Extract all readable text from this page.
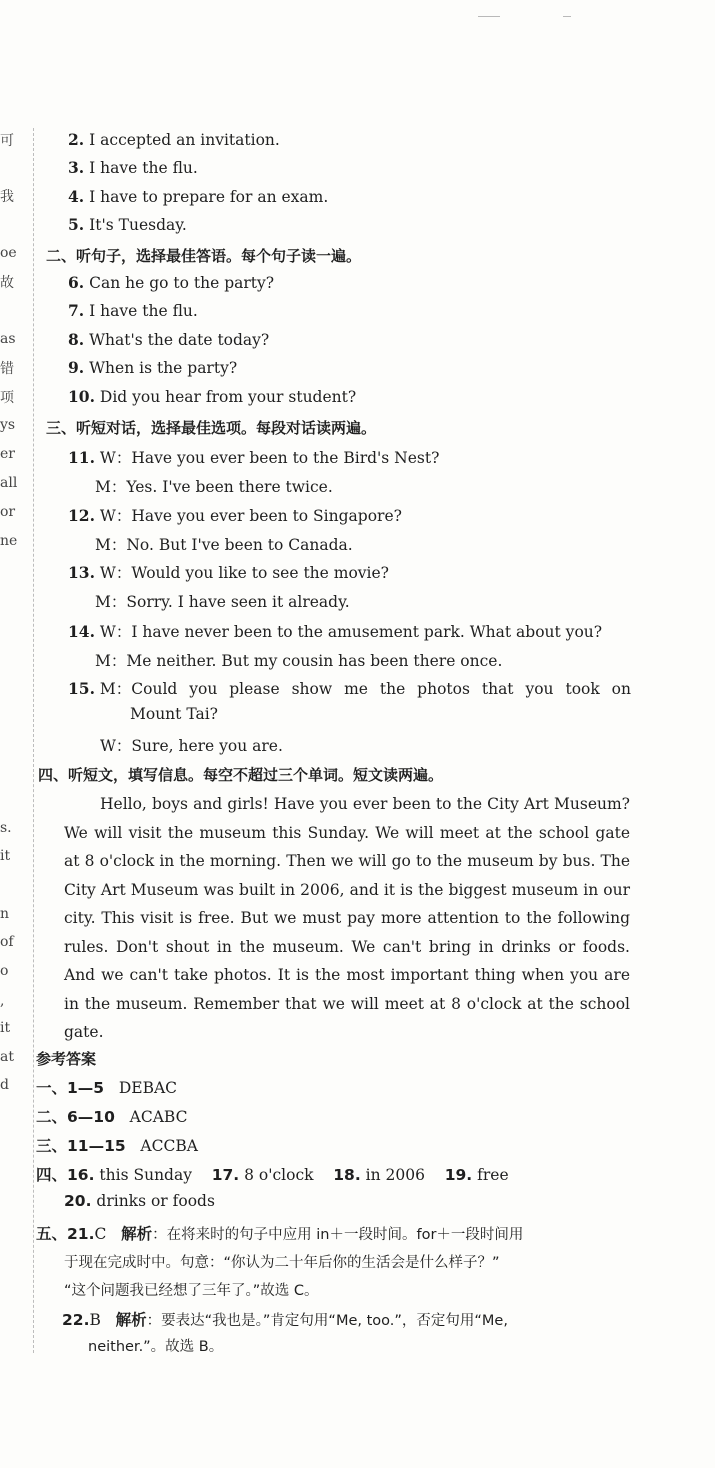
可
我
oe
故
as
错
项
ys
er
all
or
ne
s.
it
n
of
o
,
it
at
d
2. I accepted an invitation.
3. I have the flu.
4. I have to prepare for an exam.
5. It's Tuesday.
二、听句子，选择最佳答语。每个句子读一遍。
6. Can he go to the party?
7. I have the flu.
8. What's the date today?
9. When is the party?
10. Did you hear from your student?
三、听短对话，选择最佳选项。每段对话读两遍。
11. W：Have you ever been to the Bird's Nest?
M：Yes. I've been there twice.
12. W：Have you ever been to Singapore?
M：No. But I've been to Canada.
13. W：Would you like to see the movie?
M：Sorry. I have seen it already.
14. W：I have never been to the amusement park. What about you?
M：Me neither. But my cousin has been there once.
15. M：Could you please show me the photos that you took on
Mount Tai?
W：Sure, here you are.
四、听短文，填写信息。每空不超过三个单词。短文读两遍。
Hello, boys and girls! Have you ever been to the City Art Museum? We will visit the museum this Sunday. We will meet at the school gate at 8 o'clock in the morning. Then we will go to the museum by bus. The City Art Museum was built in 2006, and it is the biggest museum in our city. This visit is free. But we must pay more attention to the following rules. Don't shout in the museum. We can't bring in drinks or foods. And we can't take photos. It is the most important thing when you are in the museum. Remember that we will meet at 8 o'clock at the school gate.
参考答案
一、1—5 DEBAC
二、6—10 ACABC
三、11—15 ACCBA
四、16. this Sunday 17. 8 o'clock 18. in 2006 19. free
20. drinks or foods
五、21.C 解析：在将来时的句子中应用 in＋一段时间。for＋一段时间用
于现在完成时中。句意：“你认为二十年后你的生活会是什么样子？”
“这个问题我已经想了三年了。”故选 C。
22.B 解析：要表达“我也是。”肯定句用“Me, too.”，否定句用“Me,
neither.”。故选 B。
